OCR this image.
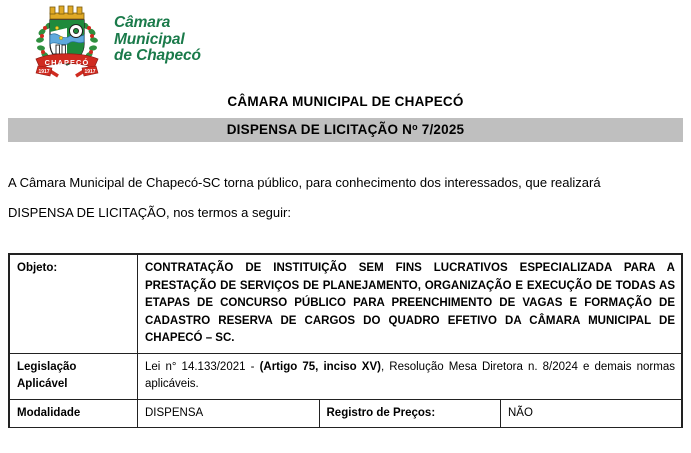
CHAPECÓ
1917	1917
Câmara
Municipal
de Chapecó
CÂMARA MUNICIPAL DE CHAPECÓ
DISPENSA DE LICITAÇÃO $N^o$ 7/2025
A Câmara Municipal de Chapecó-SC torna público, para conhecimento dos interessados, que realizará
DISPENSA DE LICITAÇÃO, nos termos a seguir:
Objeto:	CONTRATAÇÃO DE INSTITUIÇÃO SEM FINS LUCRATIVOS ESPECIALIZADA PARA A PRESTAÇÃO DE SERVIÇOS DE PLANEJAMENTO, ORGANIZAÇÃO E EXECUÇÃO DE TODAS AS ETAPAS DE CONCURSO PÚBLICO PARA PREENCHIMENTO DE VAGAS E FORMAÇÃO DE CADASTRO RESERVA DE CARGOS DO QUADRO EFETIVO DA CÂMARA MUNICIPAL DE CHAPECÓ – SC.		
Legislação
Aplicável	Lei n° 14.133/2021 - (Artigo 75, inciso XV), Resolução Mesa Diretora n. 8/2024 e demais normas aplicáveis.		
Modalidade	DISPENSA	Registro de Preços:	NÃO
